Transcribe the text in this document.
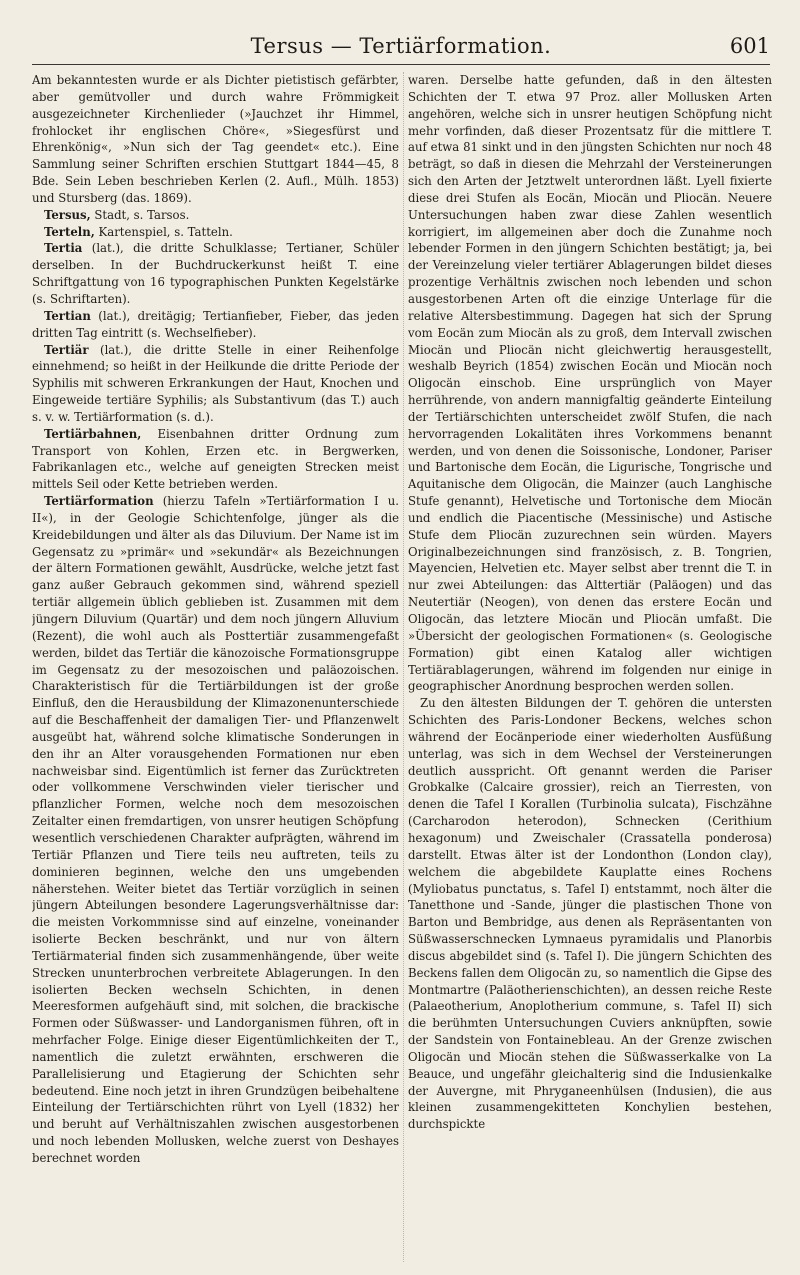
Tersus — Tertiärformation.	601

Am bekanntesten wurde er als Dichter pietistisch gefärbter, aber gemütvoller und durch wahre Frömmigkeit ausgezeichneter Kirchenlieder (»Jauchzet ihr Himmel, frohlocket ihr englischen Chöre«, »Siegesfürst und Ehrenkönig«, »Nun sich der Tag geendet« etc.). Eine Sammlung seiner Schriften erschien Stuttgart 1844—45, 8 Bde. Sein Leben beschrieben Kerlen (2. Aufl., Mülh. 1853) und Stursberg (das. 1869).

Tersus, Stadt, s. Tarsos.

Terteln, Kartenspiel, s. Tatteln.

Tertia (lat.), die dritte Schulklasse; Tertianer, Schüler derselben. In der Buchdruckerkunst heißt T. eine Schriftgattung von 16 typographischen Punkten Kegelstärke (s. Schriftarten).

Tertian (lat.), dreitägig; Tertianfieber, Fieber, das jeden dritten Tag eintritt (s. Wechselfieber).

Tertiär (lat.), die dritte Stelle in einer Reihenfolge einnehmend; so heißt in der Heilkunde die dritte Periode der Syphilis mit schweren Erkrankungen der Haut, Knochen und Eingeweide tertiäre Syphilis; als Substantivum (das T.) auch s. v. w. Tertiärformation (s. d.).

Tertiärbahnen, Eisenbahnen dritter Ordnung zum Transport von Kohlen, Erzen etc. in Bergwerken, Fabrikanlagen etc., welche auf geneigten Strecken meist mittels Seil oder Kette betrieben werden.

Tertiärformation (hierzu Tafeln »Tertiärformation I u. II«), in der Geologie Schichtenfolge, jünger als die Kreidebildungen und älter als das Diluvium. Der Name ist im Gegensatz zu »primär« und »sekundär« als Bezeichnungen der ältern Formationen gewählt, Ausdrücke, welche jetzt fast ganz außer Gebrauch gekommen sind, während speziell tertiär allgemein üblich geblieben ist. Zusammen mit dem jüngern Diluvium (Quartär) und dem noch jüngern Alluvium (Rezent), die wohl auch als Posttertiär zusammengefaßt werden, bildet das Tertiär die känozoische Formationsgruppe im Gegensatz zu der mesozoischen und paläozoischen. Charakteristisch für die Tertiärbildungen ist der große Einfluß, den die Herausbildung der Klimazonenunterschiede auf die Beschaffenheit der damaligen Tier- und Pflanzenwelt ausgeübt hat, während solche klimatische Sonderungen in den ihr an Alter vorausgehenden Formationen nur eben nachweisbar sind. Eigentümlich ist ferner das Zurücktreten oder vollkommene Verschwinden vieler tierischer und pflanzlicher Formen, welche noch dem mesozoischen Zeitalter einen fremdartigen, von unsrer heutigen Schöpfung wesentlich verschiedenen Charakter aufprägten, während im Tertiär Pflanzen und Tiere teils neu auftreten, teils zu dominieren beginnen, welche den uns umgebenden näherstehen. Weiter bietet das Tertiär vorzüglich in seinen jüngern Abteilungen besondere Lagerungsverhältnisse dar: die meisten Vorkommnisse sind auf einzelne, voneinander isolierte Becken beschränkt, und nur von ältern Tertiärmaterial finden sich zusammenhängende, über weite Strecken ununterbrochen verbreitete Ablagerungen. In den isolierten Becken wechseln Schichten, in denen Meeresformen aufgehäuft sind, mit solchen, die brackische Formen oder Süßwasser- und Landorganismen führen, oft in mehrfacher Folge. Einige dieser Eigentümlichkeiten der T., namentlich die zuletzt erwähnten, erschweren die Parallelisierung und Etagierung der Schichten sehr bedeutend. Eine noch jetzt in ihren Grundzügen beibehaltene Einteilung der Tertiärschichten rührt von Lyell (1832) her und beruht auf Verhältniszahlen zwischen ausgestorbenen und noch lebenden Mollusken, welche zuerst von Deshayes berechnet worden

waren. Derselbe hatte gefunden, daß in den ältesten Schichten der T. etwa 97 Proz. aller Mollusken Arten angehören, welche sich in unsrer heutigen Schöpfung nicht mehr vorfinden, daß dieser Prozentsatz für die mittlere T. auf etwa 81 sinkt und in den jüngsten Schichten nur noch 48 beträgt, so daß in diesen die Mehrzahl der Versteinerungen sich den Arten der Jetztwelt unterordnen läßt. Lyell fixierte diese drei Stufen als Eocän, Miocän und Pliocän. Neuere Untersuchungen haben zwar diese Zahlen wesentlich korrigiert, im allgemeinen aber doch die Zunahme noch lebender Formen in den jüngern Schichten bestätigt; ja, bei der Vereinzelung vieler tertiärer Ablagerungen bildet dieses prozentige Verhältnis zwischen noch lebenden und schon ausgestorbenen Arten oft die einzige Unterlage für die relative Altersbestimmung. Dagegen hat sich der Sprung vom Eocän zum Miocän als zu groß, dem Intervall zwischen Miocän und Pliocän nicht gleichwertig herausgestellt, weshalb Beyrich (1854) zwischen Eocän und Miocän noch Oligocän einschob. Eine ursprünglich von Mayer herrührende, von andern mannigfaltig geänderte Einteilung der Tertiärschichten unterscheidet zwölf Stufen, die nach hervorragenden Lokalitäten ihres Vorkommens benannt werden, und von denen die Soissonische, Londoner, Pariser und Bartonische dem Eocän, die Ligurische, Tongrische und Aquitanische dem Oligocän, die Mainzer (auch Langhische Stufe genannt), Helvetische und Tortonische dem Miocän und endlich die Piacentische (Messinische) und Astische Stufe dem Pliocän zuzurechnen sein würden. Mayers Originalbezeichnungen sind französisch, z. B. Tongrien, Mayencien, Helvetien etc. Mayer selbst aber trennt die T. in nur zwei Abteilungen: das Alttertiär (Paläogen) und das Neutertiär (Neogen), von denen das erstere Eocän und Oligocän, das letztere Miocän und Pliocän umfaßt. Die »Übersicht der geologischen Formationen« (s. Geologische Formation) gibt einen Katalog aller wichtigen Tertiärablagerungen, während im folgenden nur einige in geographischer Anordnung besprochen werden sollen.

Zu den ältesten Bildungen der T. gehören die untersten Schichten des Paris-Londoner Beckens, welches schon während der Eocänperiode einer wiederholten Ausfüßung unterlag, was sich in dem Wechsel der Versteinerungen deutlich ausspricht. Oft genannt werden die Pariser Grobkalke (Calcaire grossier), reich an Tierresten, von denen die Tafel I Korallen (Turbinolia sulcata), Fischzähne (Carcharodon heterodon), Schnecken (Cerithium hexagonum) und Zweischaler (Crassatella ponderosa) darstellt. Etwas älter ist der Londonthon (London clay), welchem die abgebildete Kauplatte eines Rochens (Myliobatus punctatus, s. Tafel I) entstammt, noch älter die Tanetthone und -Sande, jünger die plastischen Thone von Barton und Bembridge, aus denen als Repräsentanten von Süßwasserschnecken Lymnaeus pyramidalis und Planorbis discus abgebildet sind (s. Tafel I). Die jüngern Schichten des Beckens fallen dem Oligocän zu, so namentlich die Gipse des Montmartre (Paläotherienschichten), an dessen reiche Reste (Palaeotherium, Anoplotherium commune, s. Tafel II) sich die berühmten Untersuchungen Cuviers anknüpften, sowie der Sandstein von Fontainebleau. An der Grenze zwischen Oligocän und Miocän stehen die Süßwasserkalke von La Beauce, und ungefähr gleichalterig sind die Indusienkalke der Auvergne, mit Phryganeenhülsen (Indusien), die aus kleinen zusammengekitteten Konchylien bestehen, durchspickte
